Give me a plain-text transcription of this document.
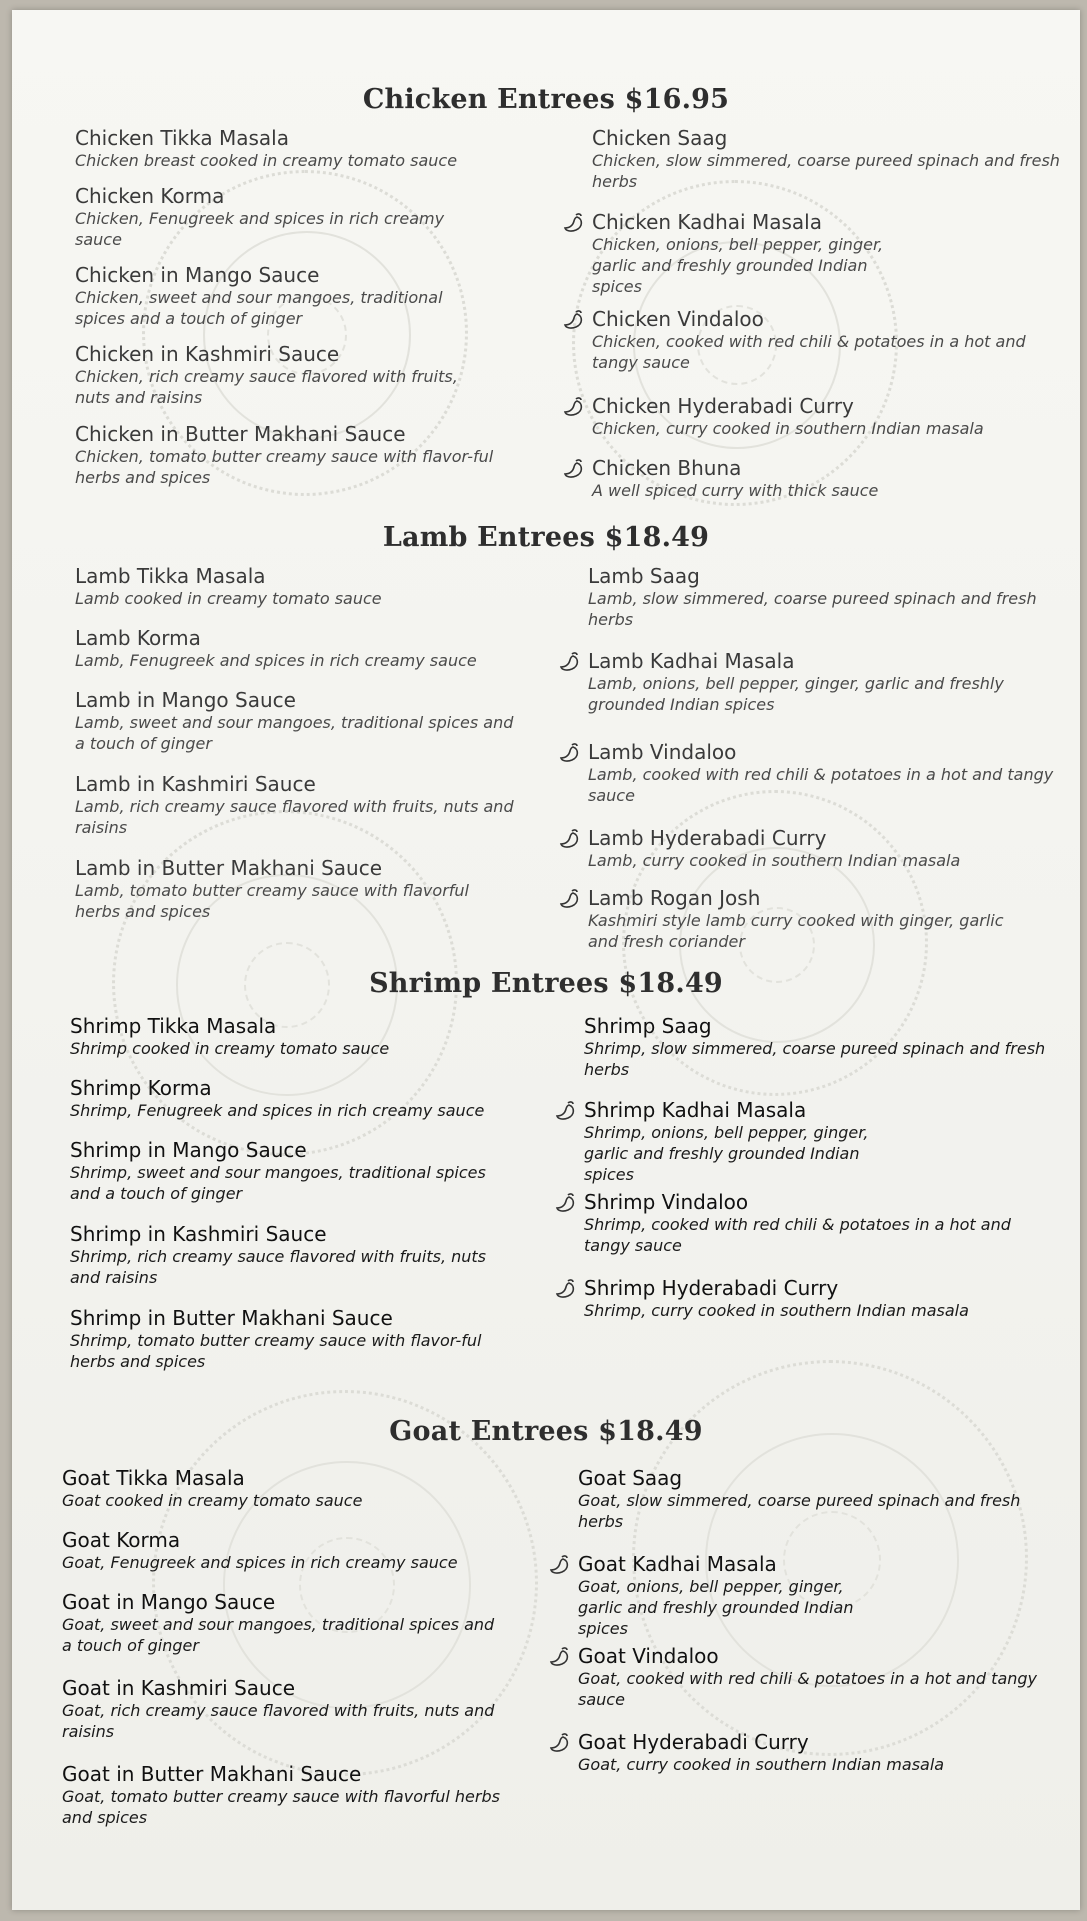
Chicken Entrees $16.95
Chicken Tikka Masala
Chicken breast cooked in creamy tomato sauce
Chicken Korma
Chicken, Fenugreek and spices in rich creamy sauce
Chicken in Mango Sauce
Chicken, sweet and sour mangoes, traditional spices and a touch of ginger
Chicken in Kashmiri Sauce
Chicken, rich creamy sauce flavored with fruits, nuts and raisins
Chicken in Butter Makhani Sauce
Chicken, tomato butter creamy sauce with flavor-ful herbs and spices
Chicken Saag
Chicken, slow simmered, coarse pureed spinach and fresh herbs
Chicken Kadhai Masala
Chicken, onions, bell pepper, ginger, garlic and freshly grounded Indian spices
Chicken Vindaloo
Chicken, cooked with red chili & potatoes in a hot and tangy sauce
Chicken Hyderabadi Curry
Chicken, curry cooked in southern Indian masala
Chicken Bhuna
A well spiced curry with thick sauce
Lamb Entrees $18.49
Lamb Tikka Masala
Lamb cooked in creamy tomato sauce
Lamb Korma
Lamb, Fenugreek and spices in rich creamy sauce
Lamb in Mango Sauce
Lamb, sweet and sour mangoes, traditional spices and a touch of ginger
Lamb in Kashmiri Sauce
Lamb, rich creamy sauce flavored with fruits, nuts and raisins
Lamb in Butter Makhani Sauce
Lamb, tomato butter creamy sauce with flavorful herbs and spices
Lamb Saag
Lamb, slow simmered, coarse pureed spinach and fresh herbs
Lamb Kadhai Masala
Lamb, onions, bell pepper, ginger, garlic and freshly grounded Indian spices
Lamb Vindaloo
Lamb, cooked with red chili & potatoes in a hot and tangy sauce
Lamb Hyderabadi Curry
Lamb, curry cooked in southern Indian masala
Lamb Rogan Josh
Kashmiri style lamb curry cooked with ginger, garlic and fresh coriander
Shrimp Entrees $18.49
Shrimp Tikka Masala
Shrimp cooked in creamy tomato sauce
Shrimp Korma
Shrimp, Fenugreek and spices in rich creamy sauce
Shrimp in Mango Sauce
Shrimp, sweet and sour mangoes, traditional spices and a touch of ginger
Shrimp in Kashmiri Sauce
Shrimp, rich creamy sauce flavored with fruits, nuts and raisins
Shrimp in Butter Makhani Sauce
Shrimp, tomato butter creamy sauce with flavor-ful herbs and spices
Shrimp Saag
Shrimp, slow simmered, coarse pureed spinach and fresh herbs
Shrimp Kadhai Masala
Shrimp, onions, bell pepper, ginger, garlic and freshly grounded Indian spices
Shrimp Vindaloo
Shrimp, cooked with red chili & potatoes in a hot and tangy sauce
Shrimp Hyderabadi Curry
Shrimp, curry cooked in southern Indian masala
Goat Entrees $18.49
Goat Tikka Masala
Goat cooked in creamy tomato sauce
Goat Korma
Goat, Fenugreek and spices in rich creamy sauce
Goat in Mango Sauce
Goat, sweet and sour mangoes, traditional spices and a touch of ginger
Goat in Kashmiri Sauce
Goat, rich creamy sauce flavored with fruits, nuts and raisins
Goat in Butter Makhani Sauce
Goat, tomato butter creamy sauce with flavorful herbs and spices
Goat Saag
Goat, slow simmered, coarse pureed spinach and fresh herbs
Goat Kadhai Masala
Goat, onions, bell pepper, ginger, garlic and freshly grounded Indian spices
Goat Vindaloo
Goat, cooked with red chili & potatoes in a hot and tangy sauce
Goat Hyderabadi Curry
Goat, curry cooked in southern Indian masala
